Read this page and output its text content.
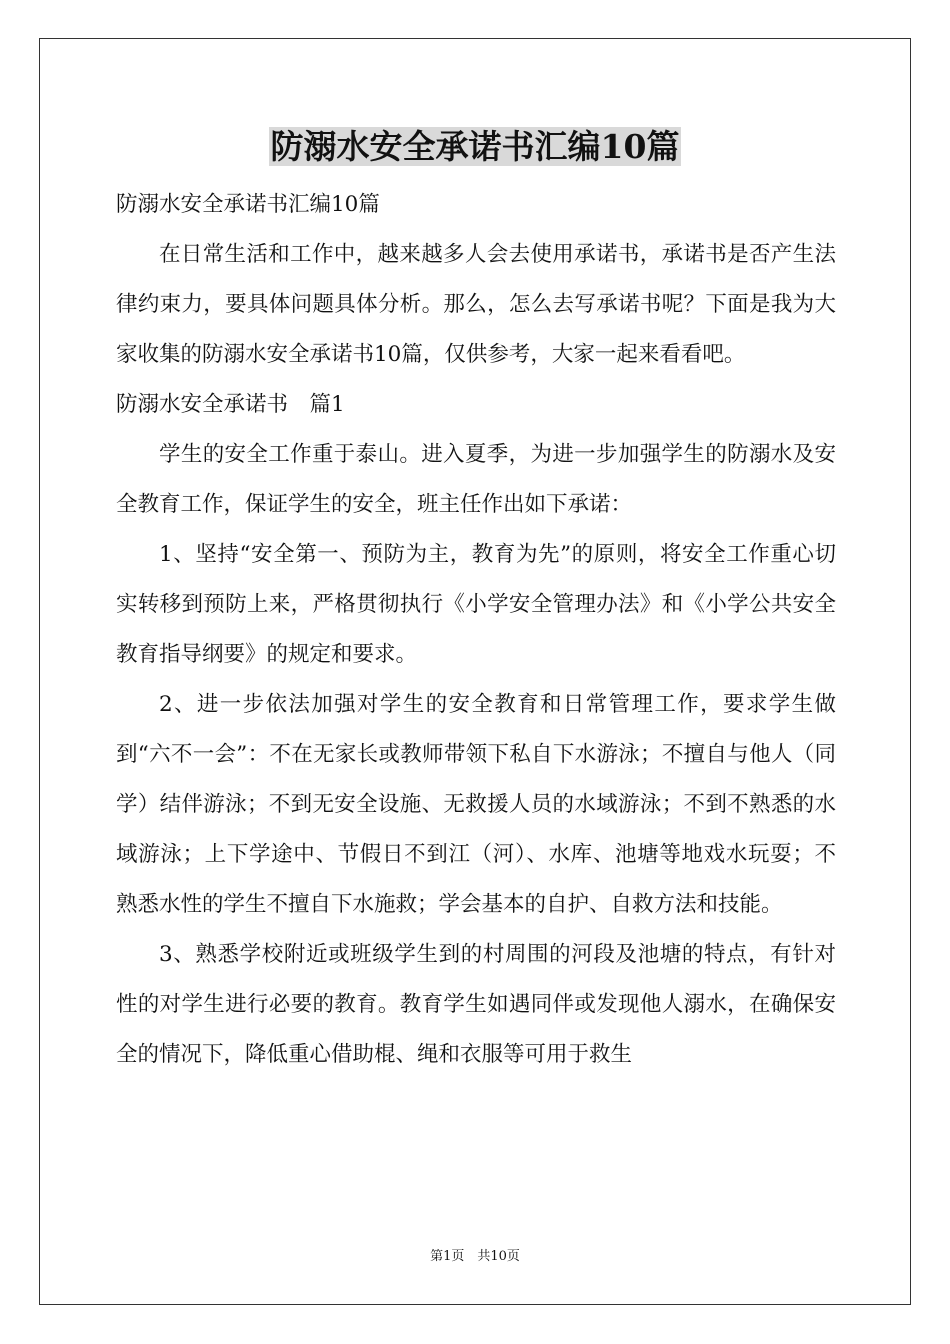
防溺水安全承诺书汇编10篇

防溺水安全承诺书汇编10篇

在日常生活和工作中，越来越多人会去使用承诺书，承诺书是否产生法律约束力，要具体问题具体分析。那么，怎么去写承诺书呢？下面是我为大家收集的防溺水安全承诺书10篇，仅供参考，大家一起来看看吧。

防溺水安全承诺书　篇1

学生的安全工作重于泰山。进入夏季，为进一步加强学生的防溺水及安全教育工作，保证学生的安全，班主任作出如下承诺：

1、坚持“安全第一、预防为主，教育为先”的原则，将安全工作重心切实转移到预防上来，严格贯彻执行《小学安全管理办法》和《小学公共安全教育指导纲要》的规定和要求。

2、进一步依法加强对学生的安全教育和日常管理工作，要求学生做到“六不一会”：不在无家长或教师带领下私自下水游泳；不擅自与他人（同学）结伴游泳；不到无安全设施、无救援人员的水域游泳；不到不熟悉的水域游泳；上下学途中、节假日不到江（河）、水库、池塘等地戏水玩耍；不熟悉水性的学生不擅自下水施救；学会基本的自护、自救方法和技能。

3、熟悉学校附近或班级学生到的村周围的河段及池塘的特点，有针对性的对学生进行必要的教育。教育学生如遇同伴或发现他人溺水，在确保安全的情况下，降低重心借助棍、绳和衣服等可用于救生

第1页　共10页
